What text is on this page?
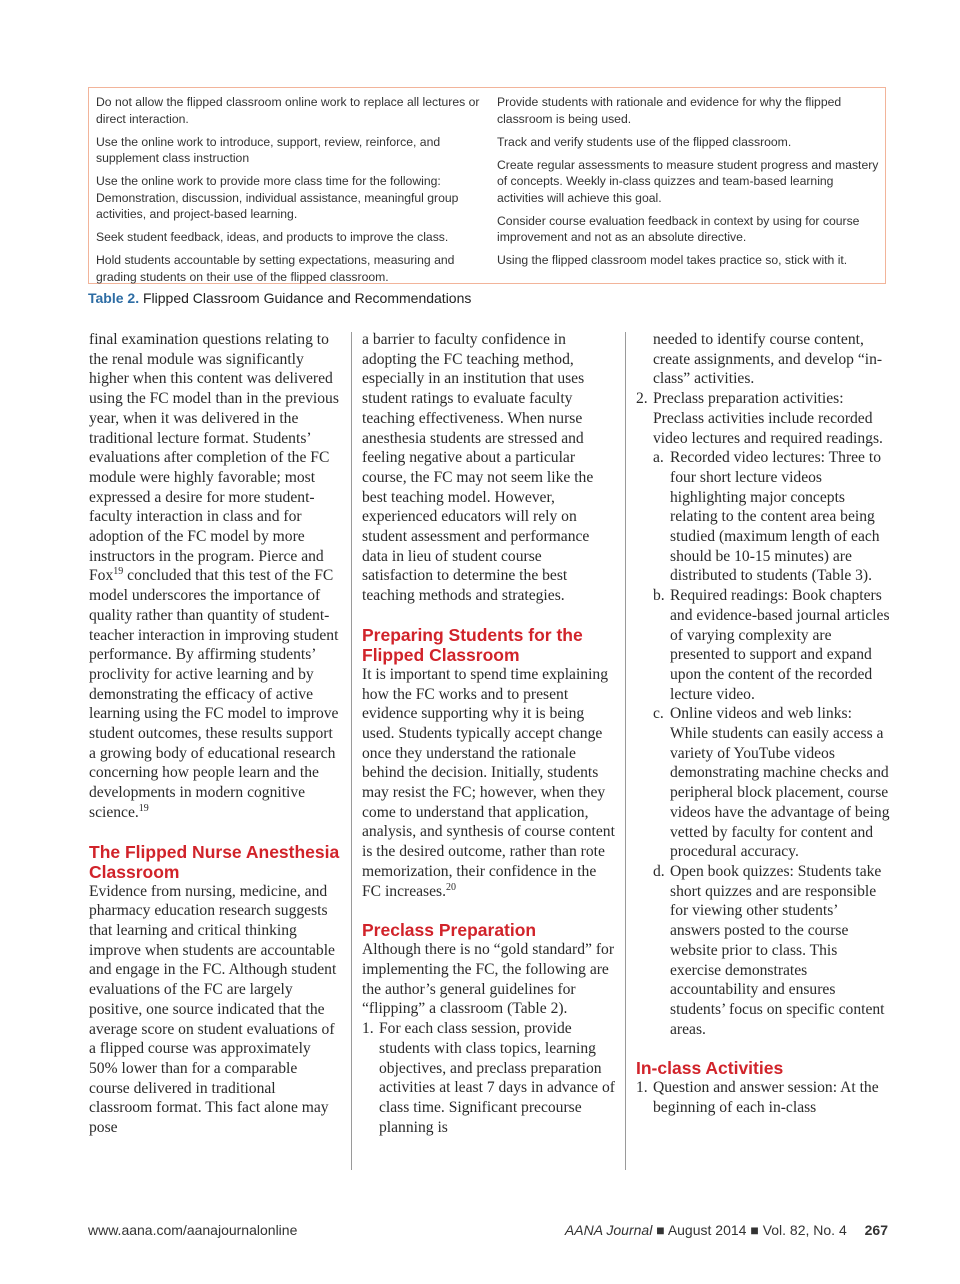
Do not allow the flipped classroom online work to replace all lectures or direct interaction.

Use the online work to introduce, support, review, reinforce, and supplement class instruction

Use the online work to provide more class time for the following: Demonstration, discussion, individual assistance, meaningful group activities, and project-based learning.

Seek student feedback, ideas, and products to improve the class.

Hold students accountable by setting expectations, measuring and grading students on their use of the flipped classroom.

Provide students with rationale and evidence for why the flipped classroom is being used.

Track and verify students use of the flipped classroom.

Create regular assessments to measure student progress and mastery of concepts. Weekly in-class quizzes and team-based learning activities will achieve this goal.

Consider course evaluation feedback in context by using for course improvement and not as an absolute directive.

Using the flipped classroom model takes practice so, stick with it.

Table 2. Flipped Classroom Guidance and Recommendations

final examination questions relating to the renal module was significantly higher when this content was delivered using the FC model than in the previous year, when it was delivered in the traditional lecture format. Students’ evaluations after completion of the FC module were highly favorable; most expressed a desire for more student-faculty interaction in class and for adoption of the FC model by more instructors in the program. Pierce and Fox$^{19}$ concluded that this test of the FC model underscores the importance of quality rather than quantity of student-teacher interaction in improving student performance. By affirming students’ proclivity for active learning and by demonstrating the efficacy of active learning using the FC model to improve student outcomes, these results support a growing body of educational research concerning how people learn and the developments in modern cognitive science.$^{19}$

The Flipped Nurse Anesthesia Classroom

Evidence from nursing, medicine, and pharmacy education research suggests that learning and critical thinking improve when students are accountable and engage in the FC. Although student evaluations of the FC are largely positive, one source indicated that the average score on student evaluations of a flipped course was approximately 50% lower than for a comparable course delivered in traditional classroom format. This fact alone may pose

a barrier to faculty confidence in adopting the FC teaching method, especially in an institution that uses student ratings to evaluate faculty teaching effectiveness. When nurse anesthesia students are stressed and feeling negative about a particular course, the FC may not seem like the best teaching model. However, experienced educators will rely on student assessment and performance data in lieu of student course satisfaction to determine the best teaching methods and strategies.

Preparing Students for the Flipped Classroom

It is important to spend time explaining how the FC works and to present evidence supporting why it is being used. Students typically accept change once they understand the rationale behind the decision. Initially, students may resist the FC; however, when they come to understand that application, analysis, and synthesis of course content is the desired outcome, rather than rote memorization, their confidence in the FC increases.$^{20}$

Preclass Preparation

Although there is no “gold standard” for implementing the FC, the following are the author’s general guidelines for “flipping” a classroom (Table 2).

1. For each class session, provide students with class topics, learning objectives, and preclass preparation activities at least 7 days in advance of class time. Significant precourse planning is

needed to identify course content, create assignments, and develop “in-class” activities.

2. Preclass preparation activities: Preclass activities include recorded video lectures and required readings.
a. Recorded video lectures: Three to four short lecture videos highlighting major concepts relating to the content area being studied (maximum length of each should be 10-15 minutes) are distributed to students (Table 3).
b. Required readings: Book chapters and evidence-based journal articles of varying complexity are presented to support and expand upon the content of the recorded lecture video.
c. Online videos and web links: While students can easily access a variety of YouTube videos demonstrating machine checks and peripheral block placement, course videos have the advantage of being vetted by faculty for content and procedural accuracy.
d. Open book quizzes: Students take short quizzes and are responsible for viewing other students’ answers posted to the course website prior to class. This exercise demonstrates accountability and ensures students’ focus on specific content areas.
In-class Activities
1. Question and answer session: At the beginning of each in-class
www.aana.com/aanajournalonline	AANA Journal ■ August 2014 ■ Vol. 82, No. 4 267
